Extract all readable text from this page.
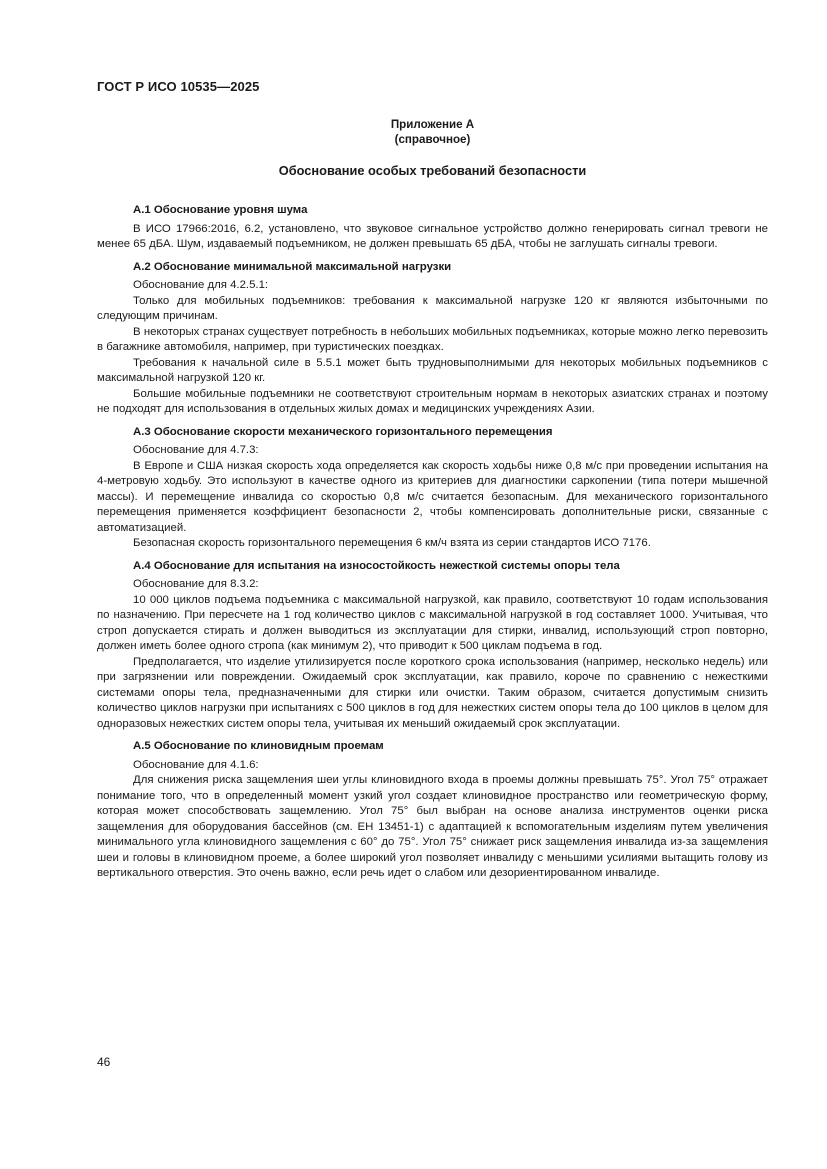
ГОСТ Р ИСО 10535—2025
Приложение А
(справочное)
Обоснование особых требований безопасности
А.1 Обоснование уровня шума

В ИСО 17966:2016, 6.2, установлено, что звуковое сигнальное устройство должно генерировать сигнал тревоги не менее 65 дБА. Шум, издаваемый подъемником, не должен превышать 65 дБА, чтобы не заглушать сигналы тревоги.

А.2 Обоснование минимальной максимальной нагрузки

Обоснование для 4.2.5.1:

Только для мобильных подъемников: требования к максимальной нагрузке 120 кг являются избыточными по следующим причинам.

В некоторых странах существует потребность в небольших мобильных подъемниках, которые можно легко перевозить в багажнике автомобиля, например, при туристических поездках.

Требования к начальной силе в 5.5.1 может быть трудновыполнимыми для некоторых мобильных подъемников с максимальной нагрузкой 120 кг.

Большие мобильные подъемники не соответствуют строительным нормам в некоторых азиатских странах и поэтому не подходят для использования в отдельных жилых домах и медицинских учреждениях Азии.

А.3 Обоснование скорости механического горизонтального перемещения

Обоснование для 4.7.3:

В Европе и США низкая скорость хода определяется как скорость ходьбы ниже 0,8 м/с при проведении испытания на 4-метровую ходьбу. Это используют в качестве одного из критериев для диагностики саркопении (типа потери мышечной массы). И перемещение инвалида со скоростью 0,8 м/с считается безопасным. Для механического горизонтального перемещения применяется коэффициент безопасности 2, чтобы компенсировать дополнительные риски, связанные с автоматизацией.

Безопасная скорость горизонтального перемещения 6 км/ч взята из серии стандартов ИСО 7176.

А.4 Обоснование для испытания на износостойкость нежесткой системы опоры тела

Обоснование для 8.3.2:

10 000 циклов подъема подъемника с максимальной нагрузкой, как правило, соответствуют 10 годам использования по назначению. При пересчете на 1 год количество циклов с максимальной нагрузкой в год составляет 1000. Учитывая, что строп допускается стирать и должен выводиться из эксплуатации для стирки, инвалид, использующий строп повторно, должен иметь более одного стропа (как минимум 2), что приводит к 500 циклам подъема в год.

Предполагается, что изделие утилизируется после короткого срока использования (например, несколько недель) или при загрязнении или повреждении. Ожидаемый срок эксплуатации, как правило, короче по сравнению с нежесткими системами опоры тела, предназначенными для стирки или очистки. Таким образом, считается допустимым снизить количество циклов нагрузки при испытаниях с 500 циклов в год для нежестких систем опоры тела до 100 циклов в целом для одноразовых нежестких систем опоры тела, учитывая их меньший ожидаемый срок эксплуатации.

А.5 Обоснование по клиновидным проемам

Обоснование для 4.1.6:

Для снижения риска защемления шеи углы клиновидного входа в проемы должны превышать 75°. Угол 75° отражает понимание того, что в определенный момент узкий угол создает клиновидное пространство или геометрическую форму, которая может способствовать защемлению. Угол 75° был выбран на основе анализа инструментов оценки риска защемления для оборудования бассейнов (см. ЕН 13451-1) с адаптацией к вспомогательным изделиям путем увеличения минимального угла клиновидного защемления с 60° до 75°. Угол 75° снижает риск защемления инвалида из-за защемления шеи и головы в клиновидном проеме, а более широкий угол позволяет инвалиду с меньшими усилиями вытащить голову из вертикального отверстия. Это очень важно, если речь идет о слабом или дезориентированном инвалиде.

46
